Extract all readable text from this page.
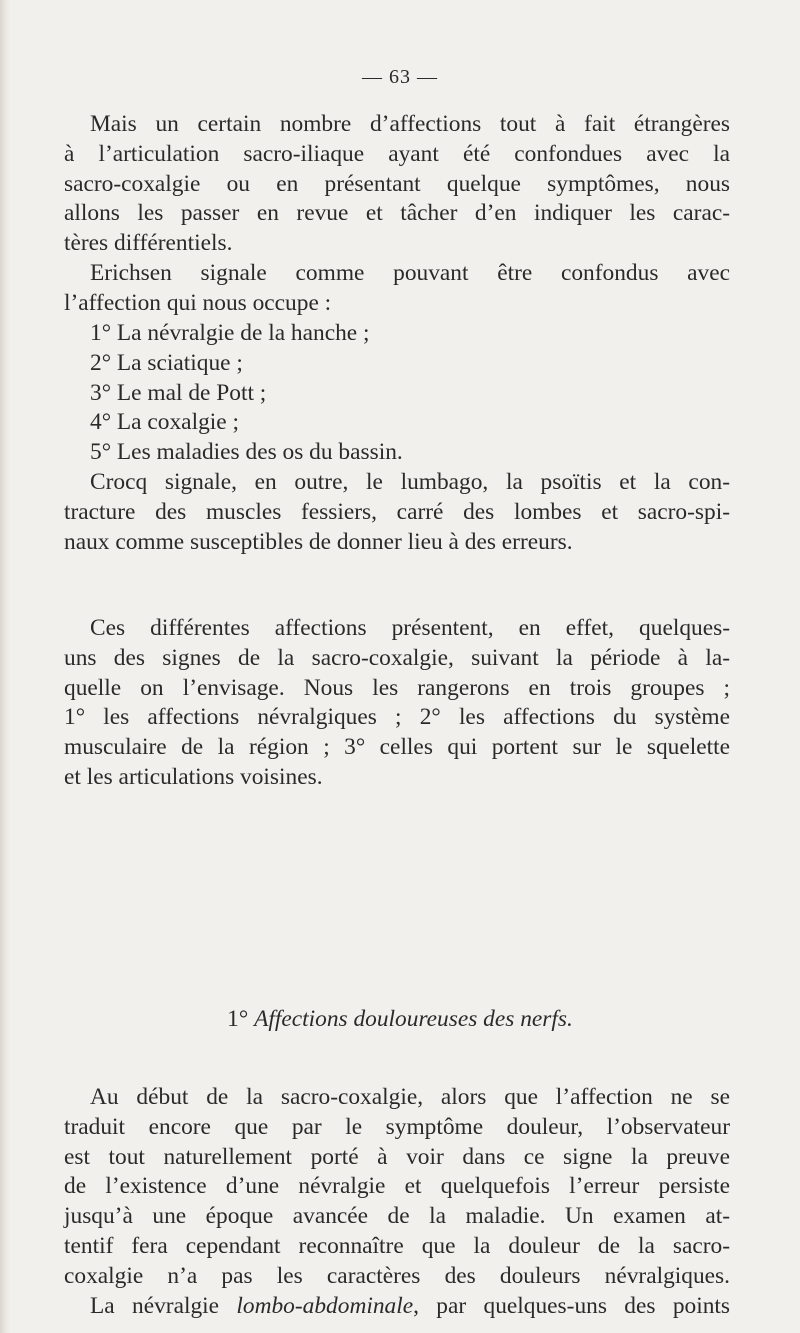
— 63 —
Mais un certain nombre d’affections tout à fait étrangères
à l’articulation sacro-iliaque ayant été confondues avec la
sacro-coxalgie ou en présentant quelque symptômes, nous
allons les passer en revue et tâcher d’en indiquer les carac-
tères différentiels.
Erichsen signale comme pouvant être confondus avec
l’affection qui nous occupe :
1° La névralgie de la hanche ;
2° La sciatique ;
3° Le mal de Pott ;
4° La coxalgie ;
5° Les maladies des os du bassin.
Crocq signale, en outre, le lumbago, la psoïtis et la con-
tracture des muscles fessiers, carré des lombes et sacro-spi-
naux comme susceptibles de donner lieu à des erreurs.
Ces différentes affections présentent, en effet, quelques-
uns des signes de la sacro-coxalgie, suivant la période à la-
quelle on l’envisage. Nous les rangerons en trois groupes ;
1° les affections névralgiques ; 2° les affections du système
musculaire de la région ; 3° celles qui portent sur le squelette
et les articulations voisines.
1° Affections douloureuses des nerfs.
Au début de la sacro-coxalgie, alors que l’affection ne se
traduit encore que par le symptôme douleur, l’observateur
est tout naturellement porté à voir dans ce signe la preuve
de l’existence d’une névralgie et quelquefois l’erreur persiste
jusqu’à une époque avancée de la maladie. Un examen at-
tentif fera cependant reconnaître que la douleur de la sacro-
coxalgie n’a pas les caractères des douleurs névralgiques.
La névralgie lombo-abdominale, par quelques-uns des points
